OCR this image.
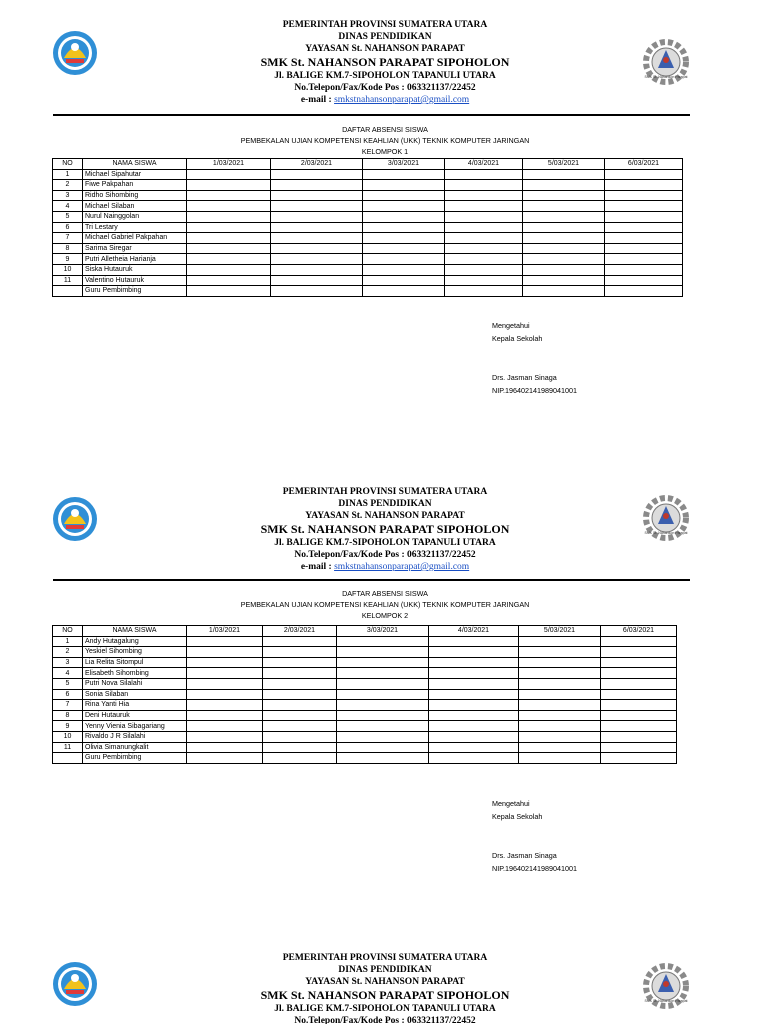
SMK St. Nahanson Parapat
PEMERINTAH PROVINSI SUMATERA UTARA
DINAS PENDIDIKAN
YAYASAN St. NAHANSON PARAPAT
SMK St. NAHANSON PARAPAT SIPOHOLON
Jl. BALIGE KM.7-SIPOHOLON TAPANULI UTARA
No.Telepon/Fax/Kode Pos : 063321137/22452
e-mail : smkstnahansonparapat@gmail.com
DAFTAR ABSENSI SISWA
PEMBEKALAN UJIAN KOMPETENSI KEAHLIAN (UKK) TEKNIK KOMPUTER JARINGAN
KELOMPOK 1
NO	NAMA SISWA	1/03/2021	2/03/2021	3/03/2021	4/03/2021	5/03/2021	6/03/2021
1	Michael Sipahutar						
2	Fiwe Pakpahan						
3	Ridho Sihombing						
4	Michael Silaban						
5	Nurul Nainggolan						
6	Tri Lestary						
7	Michael Gabriel Pakpahan						
8	Sarima Siregar						
9	Putri Alletheia Harianja						
10	Siska Hutauruk						
11	Valentino Hutauruk						
	Guru Pembimbing						
Mengetahui
Kepala Sekolah
Drs. Jasman Sinaga
NIP.196402141989041001
SMK St. Nahanson Parapat
PEMERINTAH PROVINSI SUMATERA UTARA
DINAS PENDIDIKAN
YAYASAN St. NAHANSON PARAPAT
SMK St. NAHANSON PARAPAT SIPOHOLON
Jl. BALIGE KM.7-SIPOHOLON TAPANULI UTARA
No.Telepon/Fax/Kode Pos : 063321137/22452
e-mail : smkstnahansonparapat@gmail.com
DAFTAR ABSENSI SISWA
PEMBEKALAN UJIAN KOMPETENSI KEAHLIAN (UKK) TEKNIK KOMPUTER JARINGAN
KELOMPOK 2
NO	NAMA SISWA	1/03/2021	2/03/2021	3/03/2021	4/03/2021	5/03/2021	6/03/2021
1	Andy Hutagalung						
2	Yeskiel Sihombing						
3	Lia Relita Sitompul						
4	Elisabeth Sihombing						
5	Putri Nova Silalahi						
6	Sonia Silaban						
7	Rina Yanti Hia						
8	Deni Hutauruk						
9	Yenny Vienia Sibagariang						
10	Rivaldo J R Silalahi						
11	Olivia Simanungkalit						
	Guru Pembimbing						
Mengetahui
Kepala Sekolah
Drs. Jasman Sinaga
NIP.196402141989041001
SMK St. Nahanson Parapat
PEMERINTAH PROVINSI SUMATERA UTARA
DINAS PENDIDIKAN
YAYASAN St. NAHANSON PARAPAT
SMK St. NAHANSON PARAPAT SIPOHOLON
Jl. BALIGE KM.7-SIPOHOLON TAPANULI UTARA
No.Telepon/Fax/Kode Pos : 063321137/22452
